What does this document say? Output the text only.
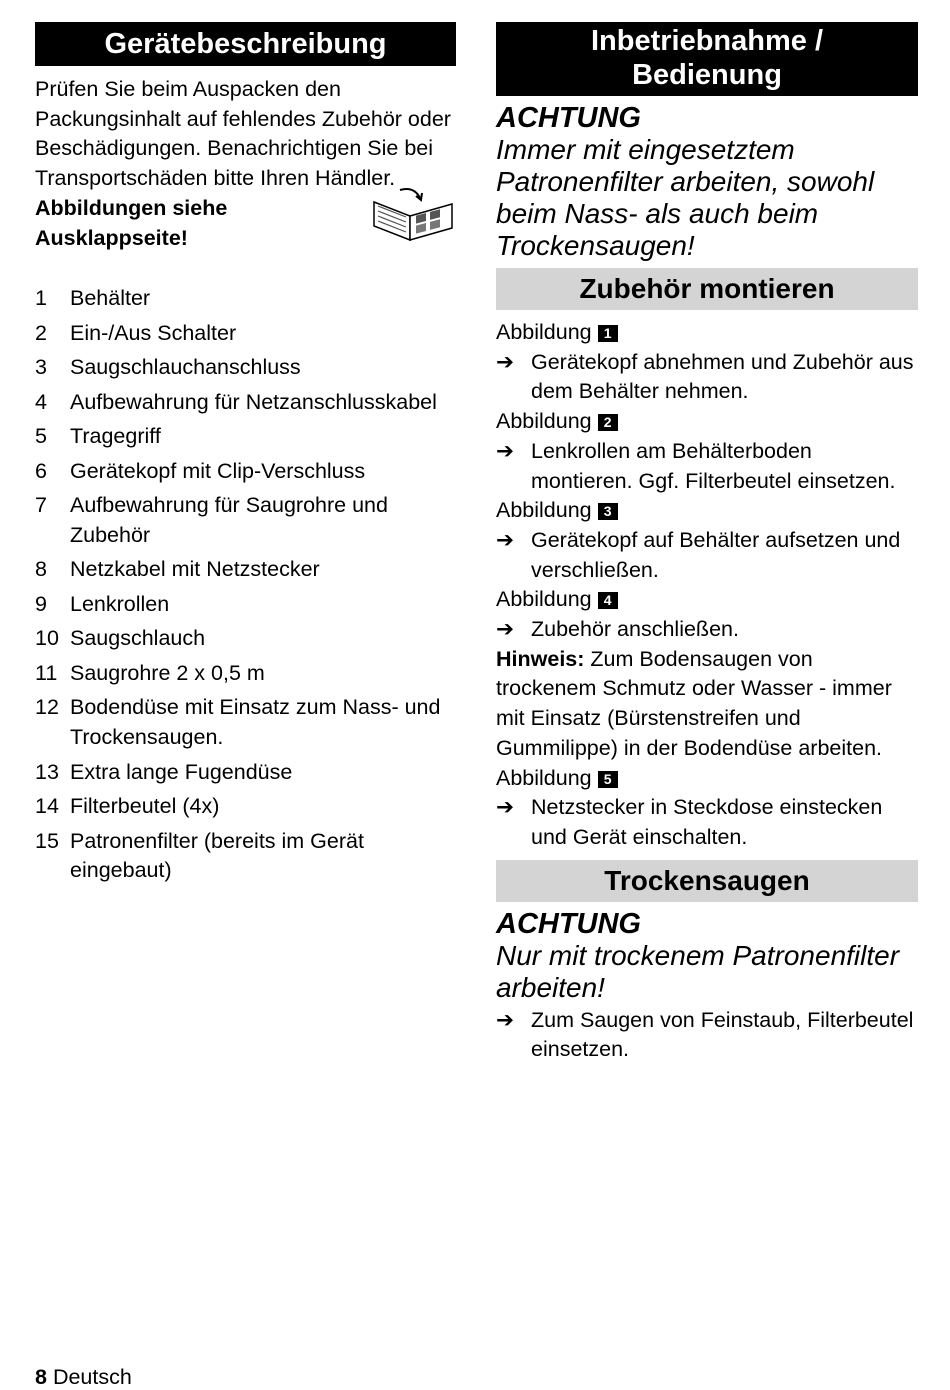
Gerätebeschreibung

Prüfen Sie beim Auspacken den Packungsinhalt auf fehlendes Zubehör oder Beschädigungen. Benachrichtigen Sie bei Transportschäden bitte Ihren Händler.

Abbildungen siehe
Ausklappseite!
1 Behälter
2 Ein-/Aus Schalter
3 Saugschlauchanschluss
4 Aufbewahrung für Netzanschlusskabel
5 Tragegriff
6 Gerätekopf mit Clip-Verschluss
7 Aufbewahrung für Saugrohre und Zubehör
8 Netzkabel mit Netzstecker
9 Lenkrollen
10 Saugschlauch
11 Saugrohre 2 x 0,5 m
12 Bodendüse mit Einsatz zum Nass- und Trockensaugen.
13 Extra lange Fugendüse
14 Filterbeutel (4x)
15 Patronenfilter (bereits im Gerät eingebaut)
Inbetriebnahme /
Bedienung
ACHTUNG
Immer mit eingesetztem Patronenfilter arbeiten, sowohl beim Nass- als auch beim Trockensaugen!
Zubehör montieren
Abbildung 1
➔ Gerätekopf abnehmen und Zubehör aus dem Behälter nehmen.
Abbildung 2
➔ Lenkrollen am Behälterboden montieren. Ggf. Filterbeutel einsetzen.
Abbildung 3
➔ Gerätekopf auf Behälter aufsetzen und verschließen.
Abbildung 4
➔ Zubehör anschließen.

Hinweis: Zum Bodensaugen von trockenem Schmutz oder Wasser - immer mit Einsatz (Bürstenstreifen und Gummilippe) in der Bodendüse arbeiten.

Abbildung 5
➔ Netzstecker in Steckdose einstecken und Gerät einschalten.
Trockensaugen
ACHTUNG
Nur mit trockenem Patronenfilter arbeiten!
➔ Zum Saugen von Feinstaub, Filterbeutel einsetzen.
8 Deutsch
